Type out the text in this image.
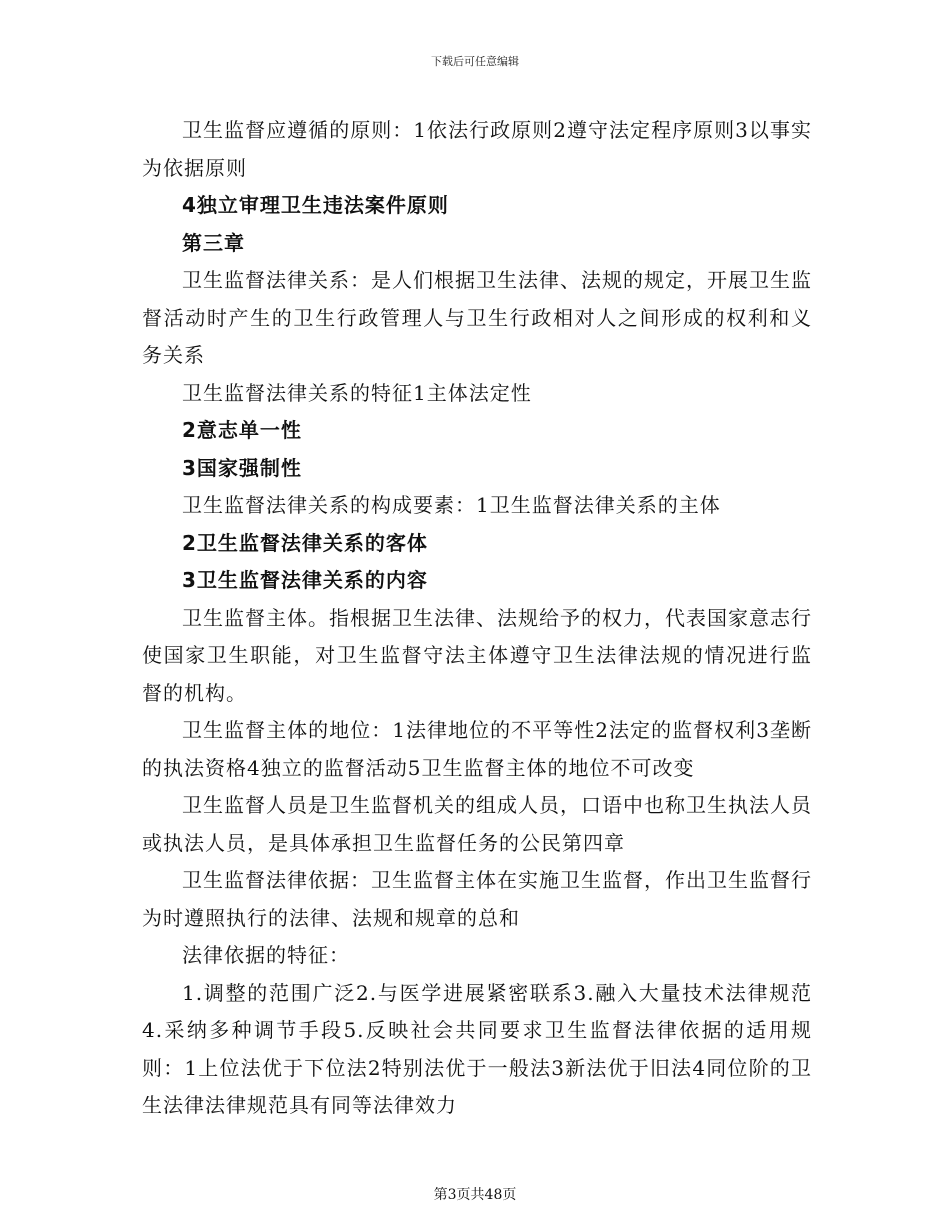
下载后可任意编辑

卫生监督应遵循的原则：1依法行政原则2遵守法定程序原则3以事实为依据原则

4独立审理卫生违法案件原则

第三章

卫生监督法律关系：是人们根据卫生法律、法规的规定，开展卫生监督活动时产生的卫生行政管理人与卫生行政相对人之间形成的权利和义务关系

卫生监督法律关系的特征1主体法定性

2意志单一性

3国家强制性

卫生监督法律关系的构成要素：1卫生监督法律关系的主体

2卫生监督法律关系的客体

3卫生监督法律关系的内容

卫生监督主体。指根据卫生法律、法规给予的权力，代表国家意志行使国家卫生职能，对卫生监督守法主体遵守卫生法律法规的情况进行监督的机构。

卫生监督主体的地位：1法律地位的不平等性2法定的监督权利3垄断的执法资格4独立的监督活动5卫生监督主体的地位不可改变

卫生监督人员是卫生监督机关的组成人员，口语中也称卫生执法人员或执法人员，是具体承担卫生监督任务的公民第四章

卫生监督法律依据：卫生监督主体在实施卫生监督，作出卫生监督行为时遵照执行的法律、法规和规章的总和

法律依据的特征：

1.调整的范围广泛2.与医学进展紧密联系3.融入大量技术法律规范4.采纳多种调节手段5.反映社会共同要求卫生监督法律依据的适用规则：1上位法优于下位法2特别法优于一般法3新法优于旧法4同位阶的卫生法律法律规范具有同等法律效力

第3页共48页
